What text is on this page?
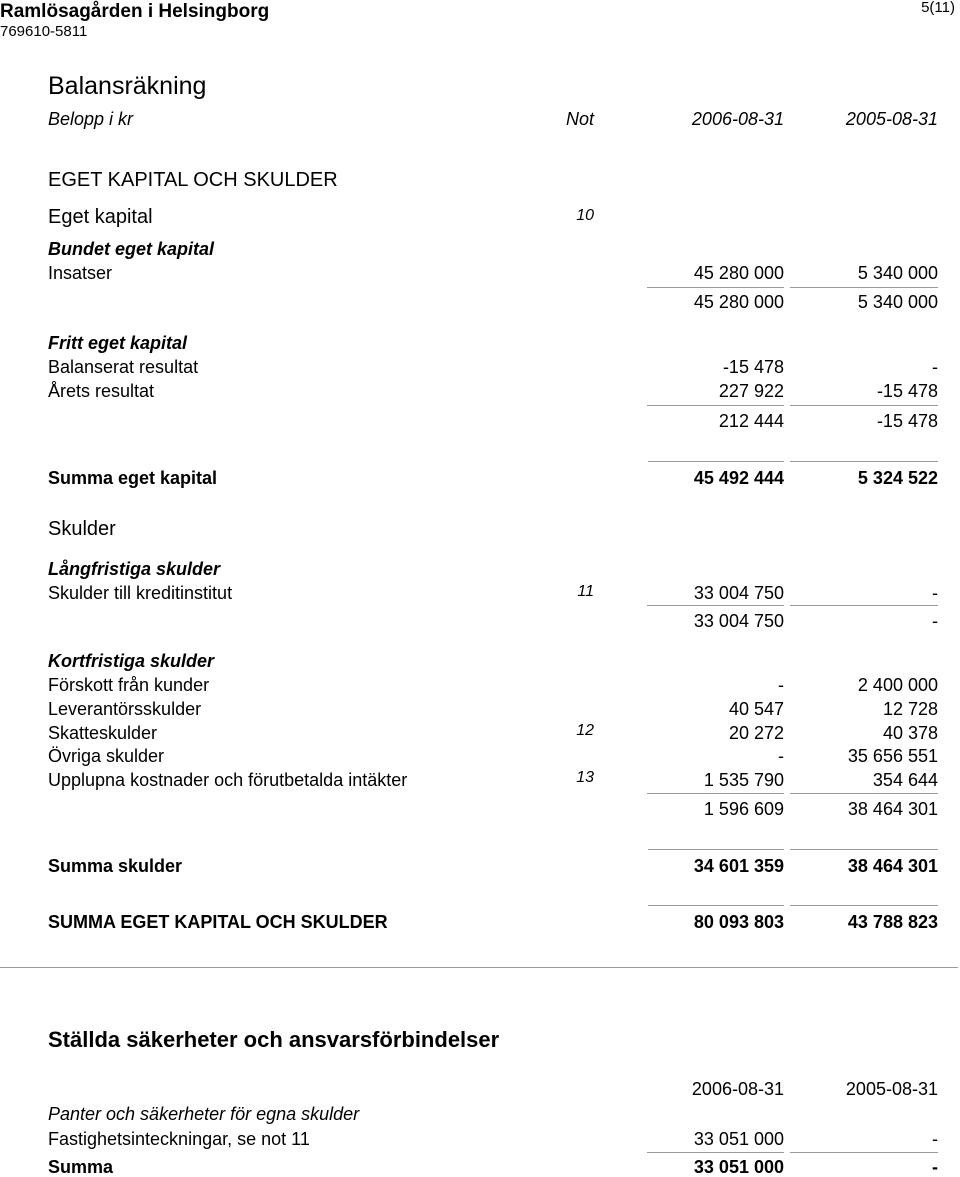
Ramlösagården i Helsingborg
769610-5811
5(11)
Balansräkning
Belopp i kr	Not	2006-08-31	2005-08-31
EGET KAPITAL OCH SKULDER
Eget kapital	10
Bundet eget kapital
Insatser	45 280 000	5 340 000
45 280 000	5 340 000
Fritt eget kapital
Balanserat resultat	-15 478	-
Årets resultat	227 922	-15 478
212 444	-15 478
Summa eget kapital	45 492 444	5 324 522
Skulder
Långfristiga skulder
Skulder till kreditinstitut	11	33 004 750	-
33 004 750	-
Kortfristiga skulder
Förskott från kunder	-	2 400 000
Leverantörsskulder	40 547	12 728
Skatteskulder	12	20 272	40 378
Övriga skulder	-	35 656 551
Upplupna kostnader och förutbetalda intäkter	13	1 535 790	354 644
1 596 609	38 464 301
Summa skulder	34 601 359	38 464 301
SUMMA EGET KAPITAL OCH SKULDER	80 093 803	43 788 823
Ställda säkerheter och ansvarsförbindelser
2006-08-31	2005-08-31
Panter och säkerheter för egna skulder
Fastighetsinteckningar, se not 11	33 051 000	-
Summa	33 051 000	-
